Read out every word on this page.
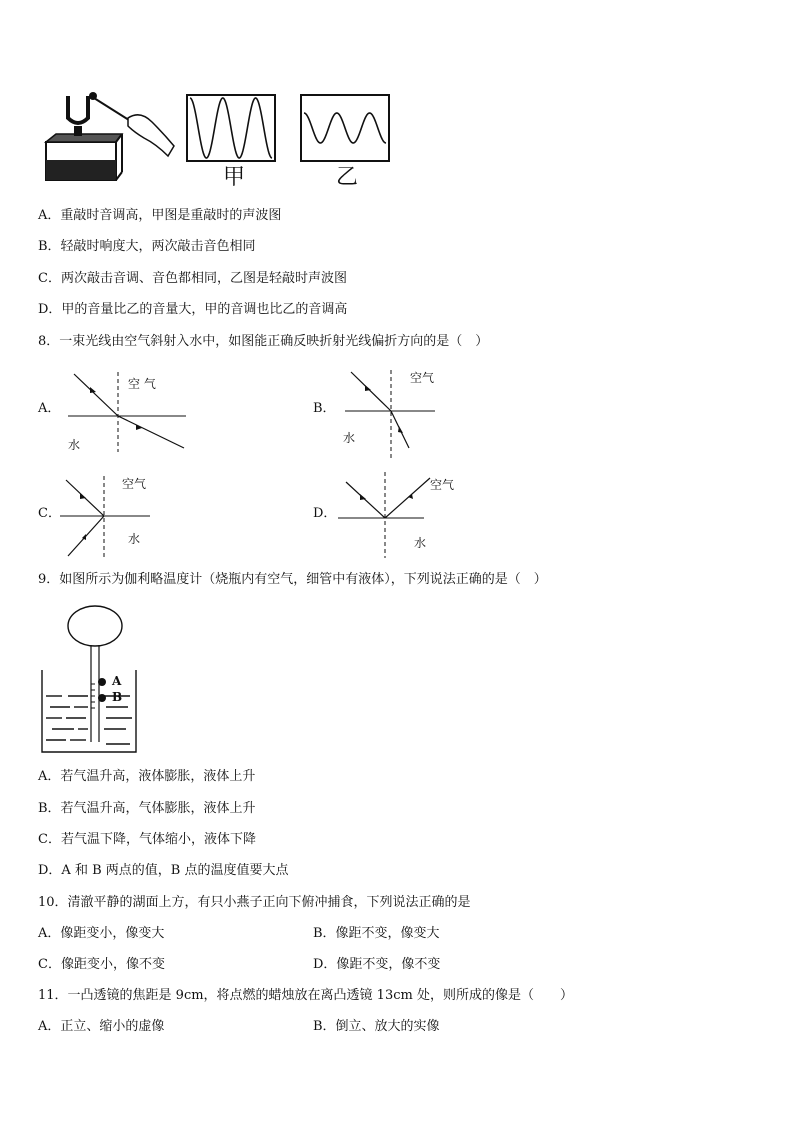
甲	乙
A．重敲时音调高，甲图是重敲时的声波图
B．轻敲时响度大，两次敲击音色相同
C．两次敲击音调、音色都相同，乙图是轻敲时声波图
D．甲的音量比乙的音量大，甲的音调也比乙的音调高
8．一束光线由空气斜射入水中，如图能正确反映折射光线偏折方向的是（　）
A．
空 气
水
B．
空气
水
C．
空气
水
D．
空气
水
9．如图所示为伽利略温度计（烧瓶内有空气，细管中有液体），下列说法正确的是（　）
A
B
A．若气温升高，液体膨胀，液体上升
B．若气温升高，气体膨胀，液体上升
C．若气温下降，气体缩小，液体下降
D．A 和 B 两点的值，B 点的温度值要大点
10．清澈平静的湖面上方，有只小燕子正向下俯冲捕食，下列说法正确的是
A．像距变小，像变大	B．像距不变，像变大
C．像距变小，像不变	D．像距不变，像不变
11．一凸透镜的焦距是 9cm，将点燃的蜡烛放在离凸透镜 13cm 处，则所成的像是（　　）
A．正立、缩小的虚像	B．倒立、放大的实像
